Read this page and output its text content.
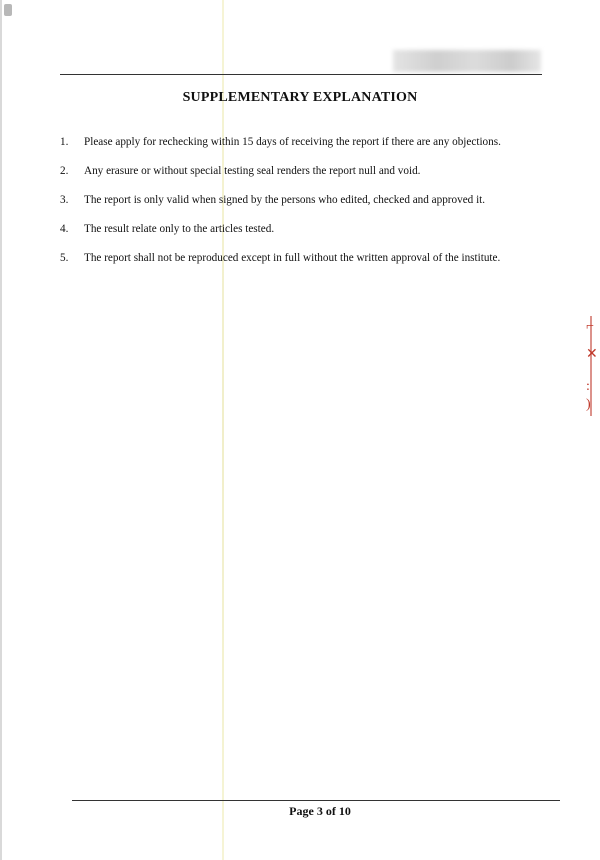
SUPPLEMENTARY EXPLANATION
1.	Please apply for rechecking within 15 days of receiving the report if there are any objections.
2.	Any erasure or without special testing seal renders the report null and void.
3.	The report is only valid when signed by the persons who edited, checked and approved it.
4.	The result relate only to the articles tested.
5.	The report shall not be reproduced except in full without the written approval of the institute.
⌐
✕
:
)
Page 3 of 10
